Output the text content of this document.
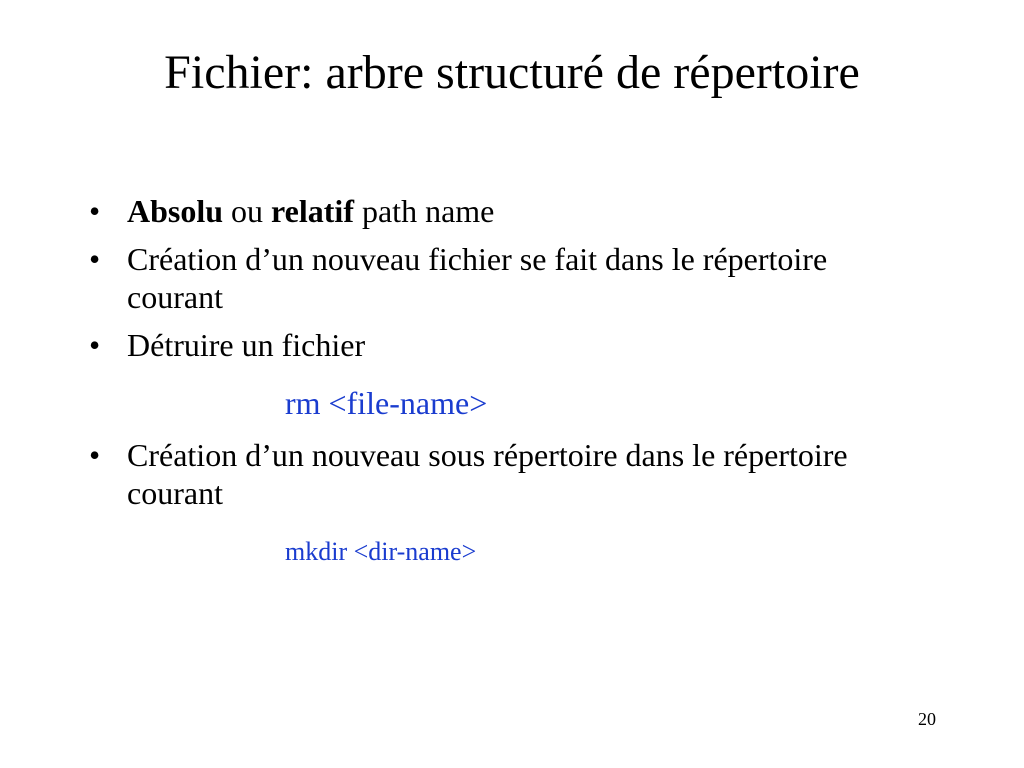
Fichier: arbre structuré de répertoire
• Absolu ou relatif path name
• Création d’un nouveau fichier se fait dans le répertoire courant
• Détruire un fichier
rm <file-name>
• Création d’un nouveau sous répertoire dans le répertoire courant
mkdir <dir-name>
20
